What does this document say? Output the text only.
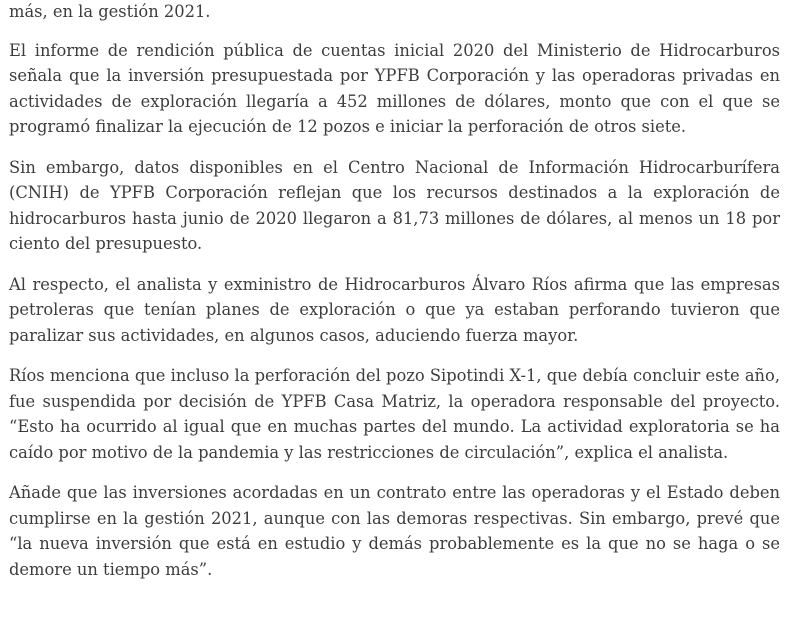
más, en la gestión 2021.

El informe de rendición pública de cuentas inicial 2020 del Ministerio de Hidrocarburos señala que la inversión presupuestada por YPFB Corporación y las operadoras privadas en actividades de exploración llegaría a 452 millones de dólares, monto que con el que se programó finalizar la ejecución de 12 pozos e iniciar la perforación de otros siete.

Sin embargo, datos disponibles en el Centro Nacional de Información Hidrocarburífera (CNIH) de YPFB Corporación reflejan que los recursos destinados a la exploración de hidrocarburos hasta junio de 2020 llegaron a 81,73 millones de dólares, al menos un 18 por ciento del presupuesto.

Al respecto, el analista y exministro de Hidrocarburos Álvaro Ríos afirma que las empresas petroleras que tenían planes de exploración o que ya estaban perforando tuvieron que paralizar sus actividades, en algunos casos, aduciendo fuerza mayor.

Ríos menciona que incluso la perforación del pozo Sipotindi X-1, que debía concluir este año, fue suspendida por decisión de YPFB Casa Matriz, la operadora responsable del proyecto. “Esto ha ocurrido al igual que en muchas partes del mundo. La actividad exploratoria se ha caído por motivo de la pandemia y las restricciones de circulación”, explica el analista.

Añade que las inversiones acordadas en un contrato entre las operadoras y el Estado deben cumplirse en la gestión 2021, aunque con las demoras respectivas. Sin embargo, prevé que “la nueva inversión que está en estudio y demás probablemente es la que no se haga o se demore un tiempo más”.
